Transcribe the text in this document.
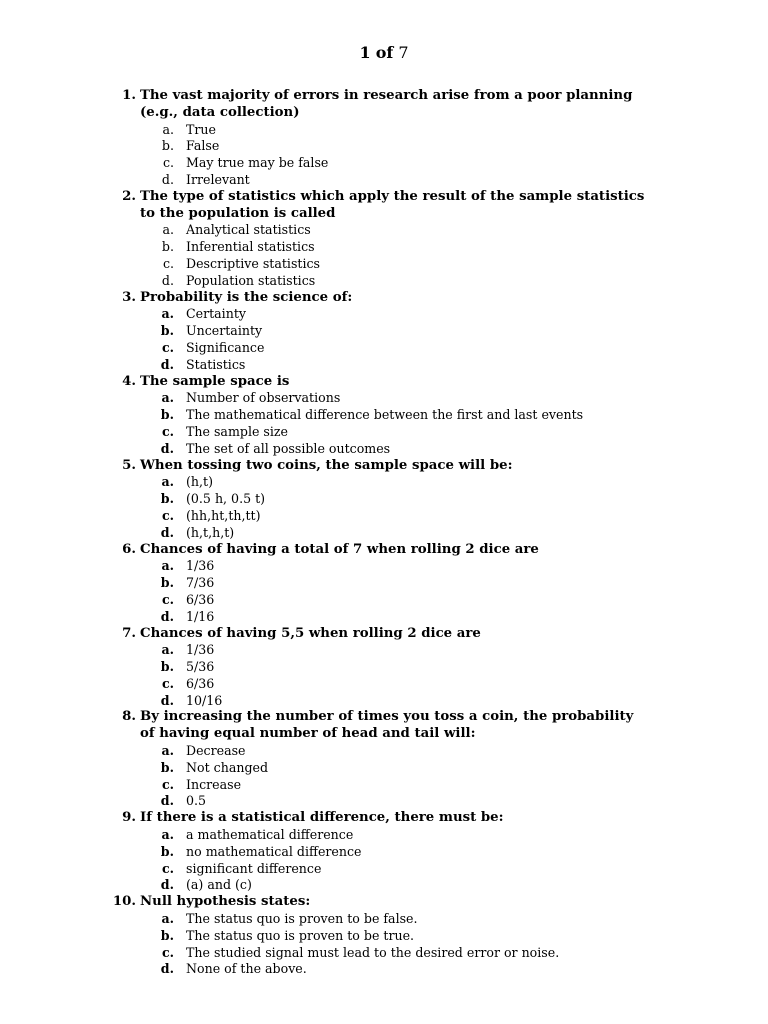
1 of 7
1. The vast majority of errors in research arise from a poor planning (e.g., data collection)
a. True
b. False
c. May true may be false
d. Irrelevant
2. The type of statistics which apply the result of the sample statistics to the population is called
a. Analytical statistics
b. Inferential statistics
c. Descriptive statistics
d. Population statistics
3. Probability is the science of:
a. Certainty
b. Uncertainty
c. Significance
d. Statistics
4. The sample space is
a. Number of observations
b. The mathematical difference between the first and last events
c. The sample size
d. The set of all possible outcomes
5. When tossing two coins, the sample space will be:
a. (h,t)
b. (0.5 h, 0.5 t)
c. (hh,ht,th,tt)
d. (h,t,h,t)
6. Chances of having a total of 7 when rolling 2 dice are
a. 1/36
b. 7/36
c. 6/36
d. 1/16
7. Chances of having 5,5 when rolling 2 dice are
a. 1/36
b. 5/36
c. 6/36
d. 10/16
8. By increasing the number of times you toss a coin, the probability of having equal number of head and tail will:
a. Decrease
b. Not changed
c. Increase
d. 0.5
9. If there is a statistical difference, there must be:
a. a mathematical difference
b. no mathematical difference
c. significant difference
d. (a) and (c)
10. Null hypothesis states:
a. The status quo is proven to be false.
b. The status quo is proven to be true.
c. The studied signal must lead to the desired error or noise.
d. None of the above.
